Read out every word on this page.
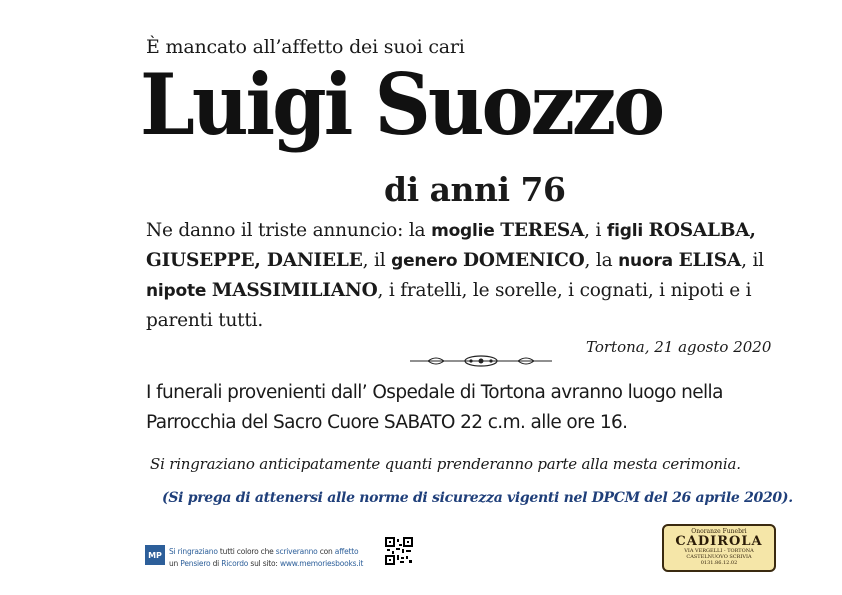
È mancato all’affetto dei suoi cari
Luigi Suozzo
di anni 76
Ne danno il triste annuncio: la moglie TERESA, i figli ROSALBA, GIUSEPPE, DANIELE, il genero DOMENICO, la nuora ELISA, il nipote MASSIMILIANO, i fratelli, le sorelle, i cognati, i nipoti e i parenti tutti.
Tortona, 21 agosto 2020
I funerali provenienti dall’ Ospedale di Tortona avranno luogo nella
Parrocchia del Sacro Cuore SABATO 22 c.m. alle ore 16.
Si ringraziano anticipatamente quanti prenderanno parte alla mesta cerimonia.
(Si prega di attenersi alle norme di sicurezza vigenti nel DPCM del 26 aprile 2020).
MP Si ringraziano tutti coloro che scriveranno con affetto
un Pensiero di Ricordo sul sito: www.memoriesbooks.it
Onoranze Funebri
CADIROLA
VIA VERGELLI - TORTONA
CASTELNUOVO SCRIVIA
0131.86.12.02
